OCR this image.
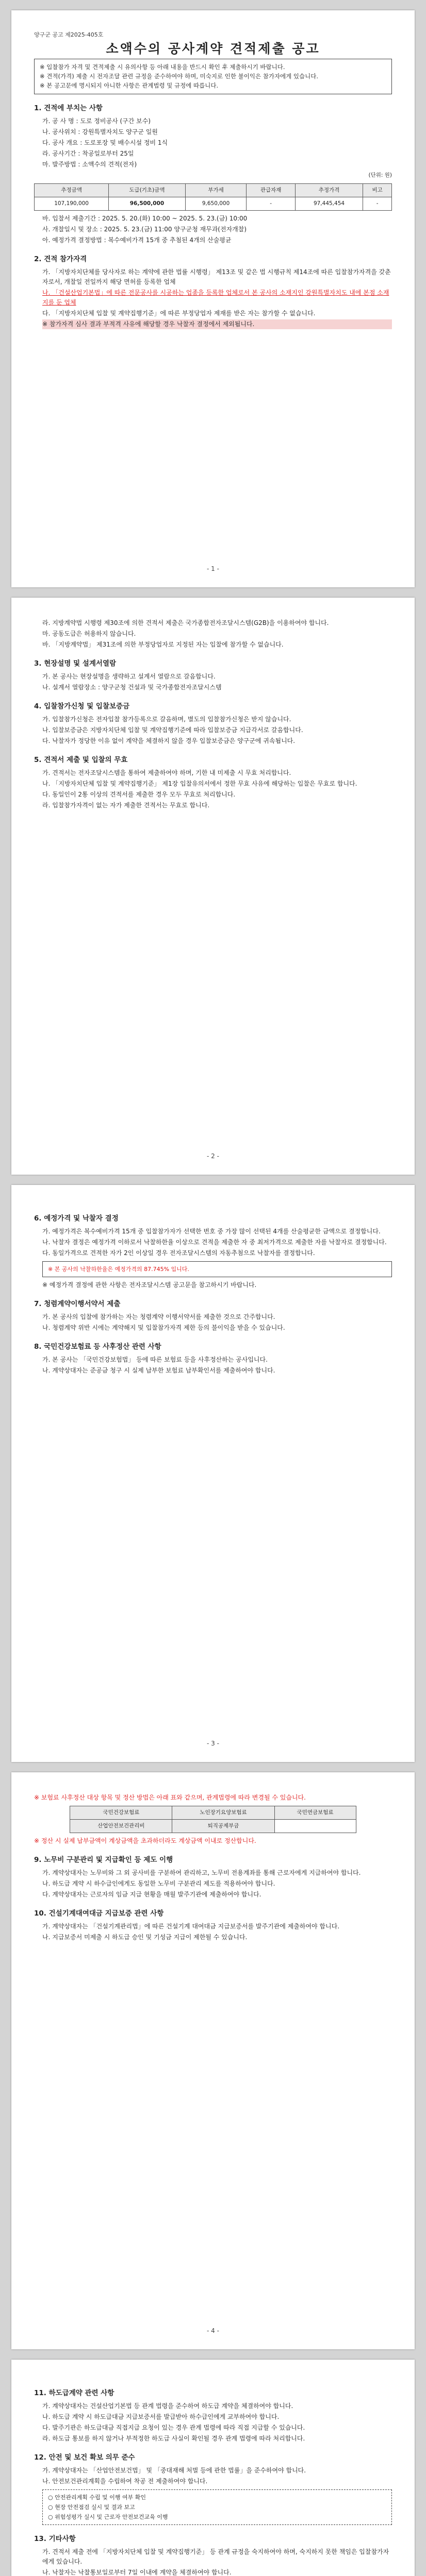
양구군 공고 제2025-405호
소액수의 공사계약 견적제출 공고
※ 입찰참가 자격 및 견적제출 시 유의사항 등 아래 내용을 반드시 확인 후 제출하시기 바랍니다.
※ 견적(가격) 제출 시 전자조달 관련 규정을 준수하여야 하며, 미숙지로 인한 불이익은 참가자에게 있습니다.
※ 본 공고문에 명시되지 아니한 사항은 관계법령 및 규정에 따릅니다.
1. 견적에 부치는 사항
가. 공 사 명 : 도로 정비공사 (구간 보수)
나. 공사위치 : 강원특별자치도 양구군 일원
다. 공사 개요 : 도로포장 및 배수시설 정비 1식
라. 공사기간 : 착공일로부터 25일
마. 발주방법 : 소액수의 견적(전자)
(단위: 원)
추정금액	도급(기초)금액	부가세	관급자재	추정가격	비고
107,190,000	96,500,000	9,650,000	-	97,445,454	-
바. 입찰서 제출기간 : 2025. 5. 20.(화) 10:00 ~ 2025. 5. 23.(금) 10:00
사. 개찰일시 및 장소 : 2025. 5. 23.(금) 11:00 양구군청 재무과(전자개찰)
아. 예정가격 결정방법 : 복수예비가격 15개 중 추첨된 4개의 산술평균
2. 견적 참가자격
가. 「지방자치단체를 당사자로 하는 계약에 관한 법률 시행령」 제13조 및 같은 법 시행규칙 제14조에 따른 입찰참가자격을 갖춘 자로서, 개찰일 전일까지 해당 면허를 등록한 업체
나. 「건설산업기본법」에 따른 전문공사를 시공하는 업종을 등록한 업체로서 본 공사의 소재지인 강원특별자치도 내에 본점 소재지를 둔 업체
다. 「지방자치단체 입찰 및 계약집행기준」에 따른 부정당업자 제재를 받은 자는 참가할 수 없습니다.
※ 참가자격 심사 결과 부적격 사유에 해당할 경우 낙찰자 결정에서 제외됩니다.
- 1 -
라. 지방계약법 시행령 제30조에 의한 견적서 제출은 국가종합전자조달시스템(G2B)을 이용하여야 합니다.
마. 공동도급은 허용하지 않습니다.
바. 「지방계약법」 제31조에 의한 부정당업자로 지정된 자는 입찰에 참가할 수 없습니다.
3. 현장설명 및 설계서열람
가. 본 공사는 현장설명을 생략하고 설계서 열람으로 갈음합니다.
나. 설계서 열람장소 : 양구군청 건설과 및 국가종합전자조달시스템
4. 입찰참가신청 및 입찰보증금
가. 입찰참가신청은 전자입찰 참가등록으로 갈음하며, 별도의 입찰참가신청은 받지 않습니다.
나. 입찰보증금은 지방자치단체 입찰 및 계약집행기준에 따라 입찰보증금 지급각서로 갈음합니다.
다. 낙찰자가 정당한 이유 없이 계약을 체결하지 않을 경우 입찰보증금은 양구군에 귀속됩니다.
5. 견적서 제출 및 입찰의 무효
가. 견적서는 전자조달시스템을 통하여 제출하여야 하며, 기한 내 미제출 시 무효 처리합니다.
나. 「지방자치단체 입찰 및 계약집행기준」 제1장 입찰유의서에서 정한 무효 사유에 해당하는 입찰은 무효로 합니다.
다. 동일인이 2통 이상의 견적서를 제출한 경우 모두 무효로 처리합니다.
라. 입찰참가자격이 없는 자가 제출한 견적서는 무효로 합니다.
- 2 -
6. 예정가격 및 낙찰자 결정
가. 예정가격은 복수예비가격 15개 중 입찰참가자가 선택한 번호 중 가장 많이 선택된 4개를 산술평균한 금액으로 결정합니다.
나. 낙찰자 결정은 예정가격 이하로서 낙찰하한율 이상으로 견적을 제출한 자 중 최저가격으로 제출한 자를 낙찰자로 결정합니다.
다. 동일가격으로 견적한 자가 2인 이상일 경우 전자조달시스템의 자동추첨으로 낙찰자를 결정합니다.
※ 본 공사의 낙찰하한율은 예정가격의 87.745% 입니다.
※ 예정가격 결정에 관한 사항은 전자조달시스템 공고문을 참고하시기 바랍니다.
7. 청렴계약이행서약서 제출
가. 본 공사의 입찰에 참가하는 자는 청렴계약 이행서약서를 제출한 것으로 간주합니다.
나. 청렴계약 위반 시에는 계약해지 및 입찰참가자격 제한 등의 불이익을 받을 수 있습니다.
8. 국민건강보험료 등 사후정산 관련 사항
가. 본 공사는 「국민건강보험법」 등에 따른 보험료 등을 사후정산하는 공사입니다.
나. 계약상대자는 준공금 청구 시 실제 납부한 보험료 납부확인서를 제출하여야 합니다.
- 3 -
※ 보험료 사후정산 대상 항목 및 정산 방법은 아래 표와 같으며, 관계법령에 따라 변경될 수 있습니다.
국민건강보험료	노인장기요양보험료	국민연금보험료
산업안전보건관리비	퇴직공제부금	
※ 정산 시 실제 납부금액이 계상금액을 초과하더라도 계상금액 이내로 정산합니다.
9. 노무비 구분관리 및 지급확인 등 제도 이행
가. 계약상대자는 노무비와 그 외 공사비를 구분하여 관리하고, 노무비 전용계좌를 통해 근로자에게 지급하여야 합니다.
나. 하도급 계약 시 하수급인에게도 동일한 노무비 구분관리 제도를 적용하여야 합니다.
다. 계약상대자는 근로자의 임금 지급 현황을 매월 발주기관에 제출하여야 합니다.
10. 건설기계대여대금 지급보증 관련 사항
가. 계약상대자는 「건설기계관리법」에 따른 건설기계 대여대금 지급보증서를 발주기관에 제출하여야 합니다.
나. 지급보증서 미제출 시 하도급 승인 및 기성금 지급이 제한될 수 있습니다.
- 4 -
11. 하도급계약 관련 사항
가. 계약상대자는 건설산업기본법 등 관계 법령을 준수하여 하도급 계약을 체결하여야 합니다.
나. 하도급 계약 시 하도급대금 지급보증서를 발급받아 하수급인에게 교부하여야 합니다.
다. 발주기관은 하도급대금 직접지급 요청이 있는 경우 관계 법령에 따라 직접 지급할 수 있습니다.
라. 하도급 통보를 하지 않거나 부적정한 하도급 사실이 확인될 경우 관계 법령에 따라 처리합니다.
12. 안전 및 보건 확보 의무 준수
가. 계약상대자는 「산업안전보건법」 및 「중대재해 처벌 등에 관한 법률」을 준수하여야 합니다.
나. 안전보건관리계획을 수립하여 착공 전 제출하여야 합니다.
○ 안전관리계획 수립 및 이행 여부 확인
○ 현장 안전점검 실시 및 결과 보고
○ 위험성평가 실시 및 근로자 안전보건교육 이행
13. 기타사항
가. 견적서 제출 전에 「지방자치단체 입찰 및 계약집행기준」 등 관계 규정을 숙지하여야 하며, 숙지하지 못한 책임은 입찰참가자에게 있습니다.
나. 낙찰자는 낙찰통보일로부터 7일 이내에 계약을 체결하여야 합니다.
